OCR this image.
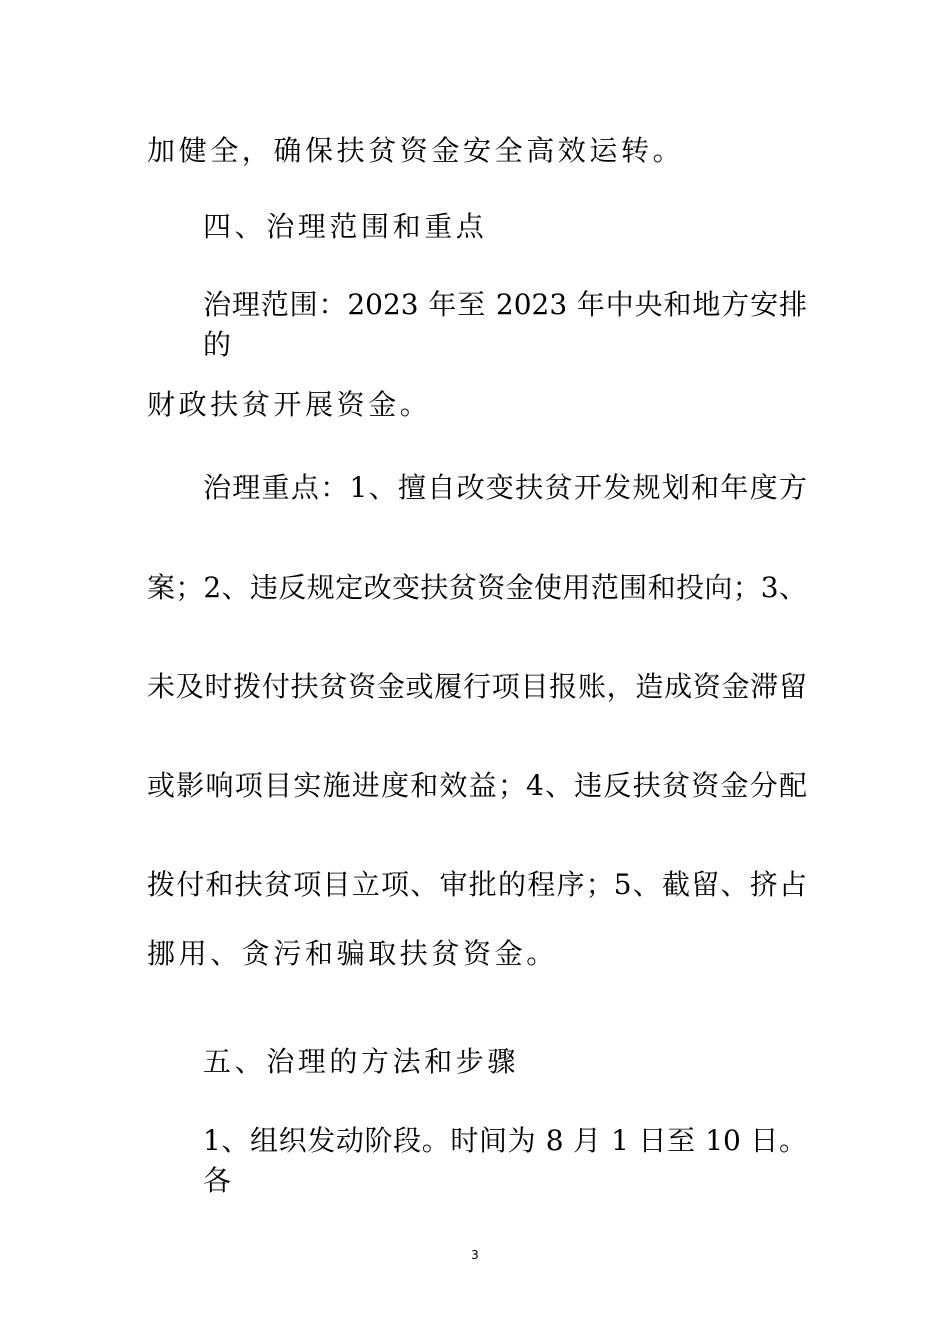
加健全，确保扶贫资金安全高效运转。
四、治理范围和重点
治理范围：2023 年至 2023 年中央和地方安排的
财政扶贫开展资金。
治理重点：1、擅自改变扶贫开发规划和年度方
案；2、违反规定改变扶贫资金使用范围和投向；3、
未及时拨付扶贫资金或履行项目报账，造成资金滞留
或影响项目实施进度和效益；4、违反扶贫资金分配
拨付和扶贫项目立项、审批的程序；5、截留、挤占
挪用、贪污和骗取扶贫资金。
五、治理的方法和步骤
1、组织发动阶段。时间为 8 月 1 日至 10 日。各
3
